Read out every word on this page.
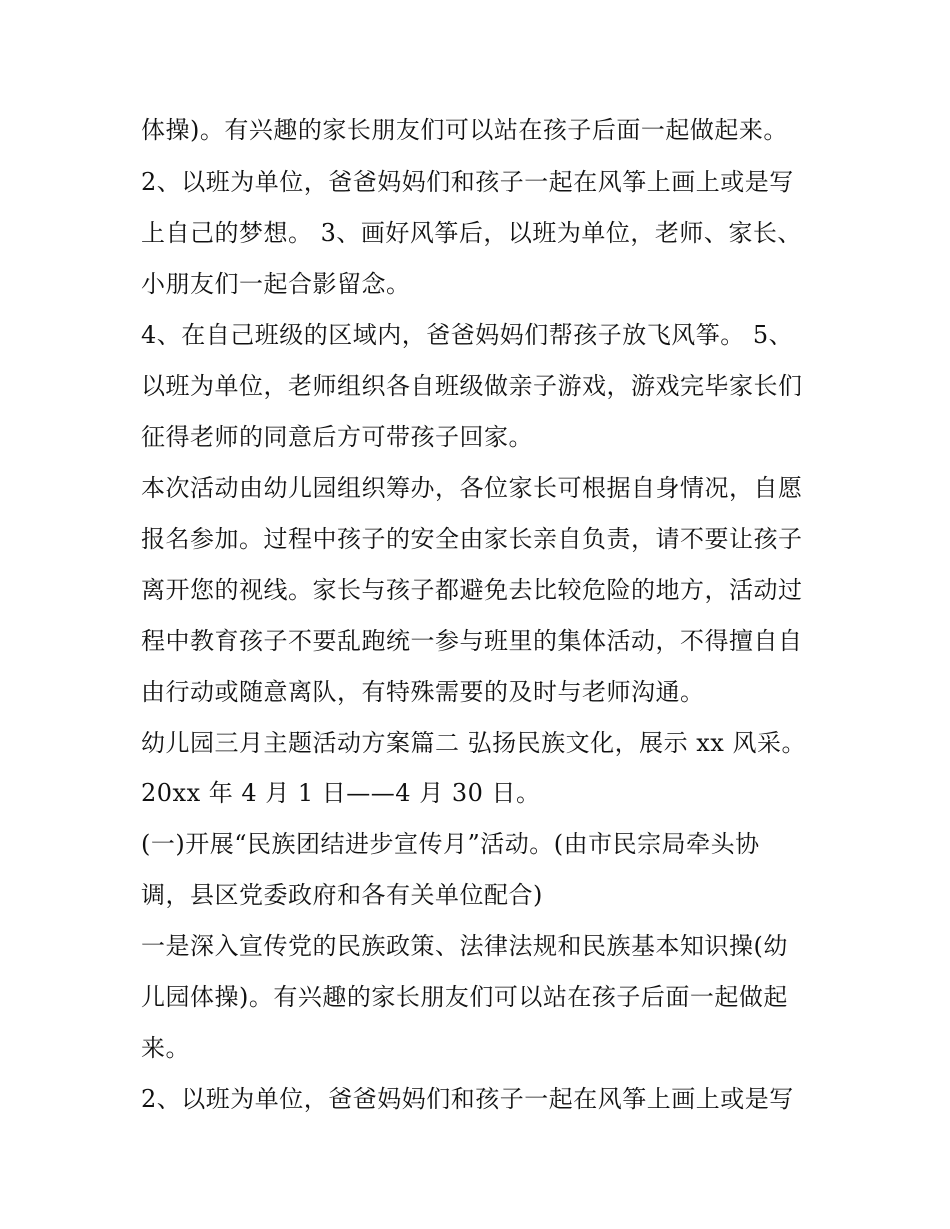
体操)。有兴趣的家长朋友们可以站在孩子后面一起做起来。

2、以班为单位，爸爸妈妈们和孩子一起在风筝上画上或是写

上自己的梦想。 3、画好风筝后，以班为单位，老师、家长、

小朋友们一起合影留念。

4、在自己班级的区域内，爸爸妈妈们帮孩子放飞风筝。 5、

以班为单位，老师组织各自班级做亲子游戏，游戏完毕家长们

征得老师的同意后方可带孩子回家。

本次活动由幼儿园组织筹办，各位家长可根据自身情况，自愿

报名参加。过程中孩子的安全由家长亲自负责，请不要让孩子

离开您的视线。家长与孩子都避免去比较危险的地方，活动过

程中教育孩子不要乱跑统一参与班里的集体活动，不得擅自自

由行动或随意离队，有特殊需要的及时与老师沟通。

幼儿园三月主题活动方案篇二 弘扬民族文化，展示 xx 风采。

20xx 年 4 月 1 日——4 月 30 日。

(一)开展“民族团结进步宣传月”活动。(由市民宗局牵头协

调，县区党委政府和各有关单位配合)

一是深入宣传党的民族政策、法律法规和民族基本知识操(幼

儿园体操)。有兴趣的家长朋友们可以站在孩子后面一起做起

来。

2、以班为单位，爸爸妈妈们和孩子一起在风筝上画上或是写
